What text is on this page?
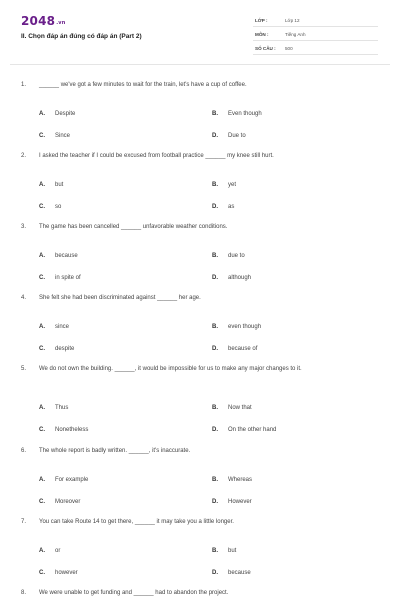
2048.vn
II. Chọn đáp án đúng có đáp án (Part 2)
LỚP :	Lớp 12
MÔN :	Tiếng Anh
SỐ CÂU : 500
1.	______ we've got a few minutes to wait for the train, let's have a cup of coffee.
A.	Despite	B.	Even though
C.	Since	D.	Due to
2.	I asked the teacher if I could be excused from football practice ______ my knee still hurt.
A.	but	B.	yet
C.	so	D.	as
3.	The game has been cancelled ______ unfavorable weather conditions.
A.	because	B.	due to
C.	in spite of	D.	although
4.	She felt she had been discriminated against ______ her age.
A.	since	B.	even though
C.	despite	D.	because of
5.	We do not own the building. ______, it would be impossible for us to make any major changes to it.
A.	Thus	B.	Now that
C.	Nonetheless	D.	On the other hand
6.	The whole report is badly written. ______, it's inaccurate.
A.	For example	B.	Whereas
C.	Moreover	D.	However
7.	You can take Route 14 to get there, ______ it may take you a little longer.
A.	or	B.	but
C.	however	D.	because
8.	We were unable to get funding and ______ had to abandon the project.
